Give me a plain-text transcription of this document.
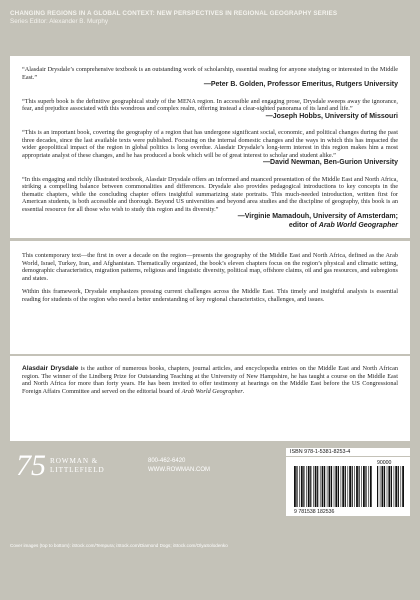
CHANGING REGIONS IN A GLOBAL CONTEXT: NEW PERSPECTIVES IN REGIONAL GEOGRAPHY SERIES
Series Editor: Alexander B. Murphy

“Alasdair Drysdale’s comprehensive textbook is an outstanding work of scholarship, essential reading for anyone studying or interested in the Middle East.”

—Peter B. Golden, Professor Emeritus, Rutgers University

“This superb book is the definitive geographical study of the MENA region. In accessible and engaging prose, Drysdale sweeps away the ignorance, fear, and prejudice associated with this wondrous and complex realm, offering instead a clear-sighted panorama of its land and life.”

—Joseph Hobbs, University of Missouri

“This is an important book, covering the geography of a region that has undergone significant social, economic, and political changes during the past three decades, since the last available texts were published. Focusing on the internal domestic changes and the ways in which this has impacted the wider geopolitical impact of the region in global politics is long overdue. Alasdair Drysdale’s long-term interest in this region makes him a most appropriate analyst of these changes, and he has produced a book which will be of great interest to scholar and student alike.”

—David Newman, Ben-Gurion University

“In this engaging and richly illustrated textbook, Alasdair Drysdale offers an informed and nuanced presentation of the Middle East and North Africa, striking a compelling balance between commonalities and differences. Drysdale also provides pedagogical introductions to key concepts in the thematic chapters, while the concluding chapter offers insightful summarizing state portraits. This much-needed introduction, written first for American students, is both accessible and thorough. Beyond US universities and beyond area studies and the discipline of geography, this book is an essential resource for all those who wish to study this region and its diversity.”

—Virginie Mamadouh, University of Amsterdam;
editor of Arab World Geographer

This contemporary text—the first in over a decade on the region—presents the geography of the Middle East and North Africa, defined as the Arab World, Israel, Turkey, Iran, and Afghanistan. Thematically organized, the book’s eleven chapters focus on the region’s physical and climatic setting, demographic characteristics, migration patterns, religious and linguistic diversity, political map, offshore claims, oil and gas resources, and subregions and states.

Within this framework, Drysdale emphasizes pressing current challenges across the Middle East. This timely and insightful analysis is essential reading for students of the region who need a better understanding of key regional characteristics, challenges, and issues.

Alasdair Drysdale is the author of numerous books, chapters, journal articles, and encyclopedia entries on the Middle East and North African region. The winner of the Lindberg Prize for Outstanding Teaching at the University of New Hampshire, he has taught a course on the Middle East and North Africa for more than forty years. He has been invited to offer testimony at hearings on the Middle East before the US Congressional Foreign Affairs Committee and served on the editorial board of Arab World Geographer.

75 ROWMAN &
LITTLEFIELD
800-462-6420
WWW.ROWMAN.COM
ISBN 978-1-5381-8253-4
9 781538 182536
90000
Cover images (top to bottom): iStock.com/Tempura; iStock.com/Diamond Dogs; iStock.com/OlyaSolodenko
